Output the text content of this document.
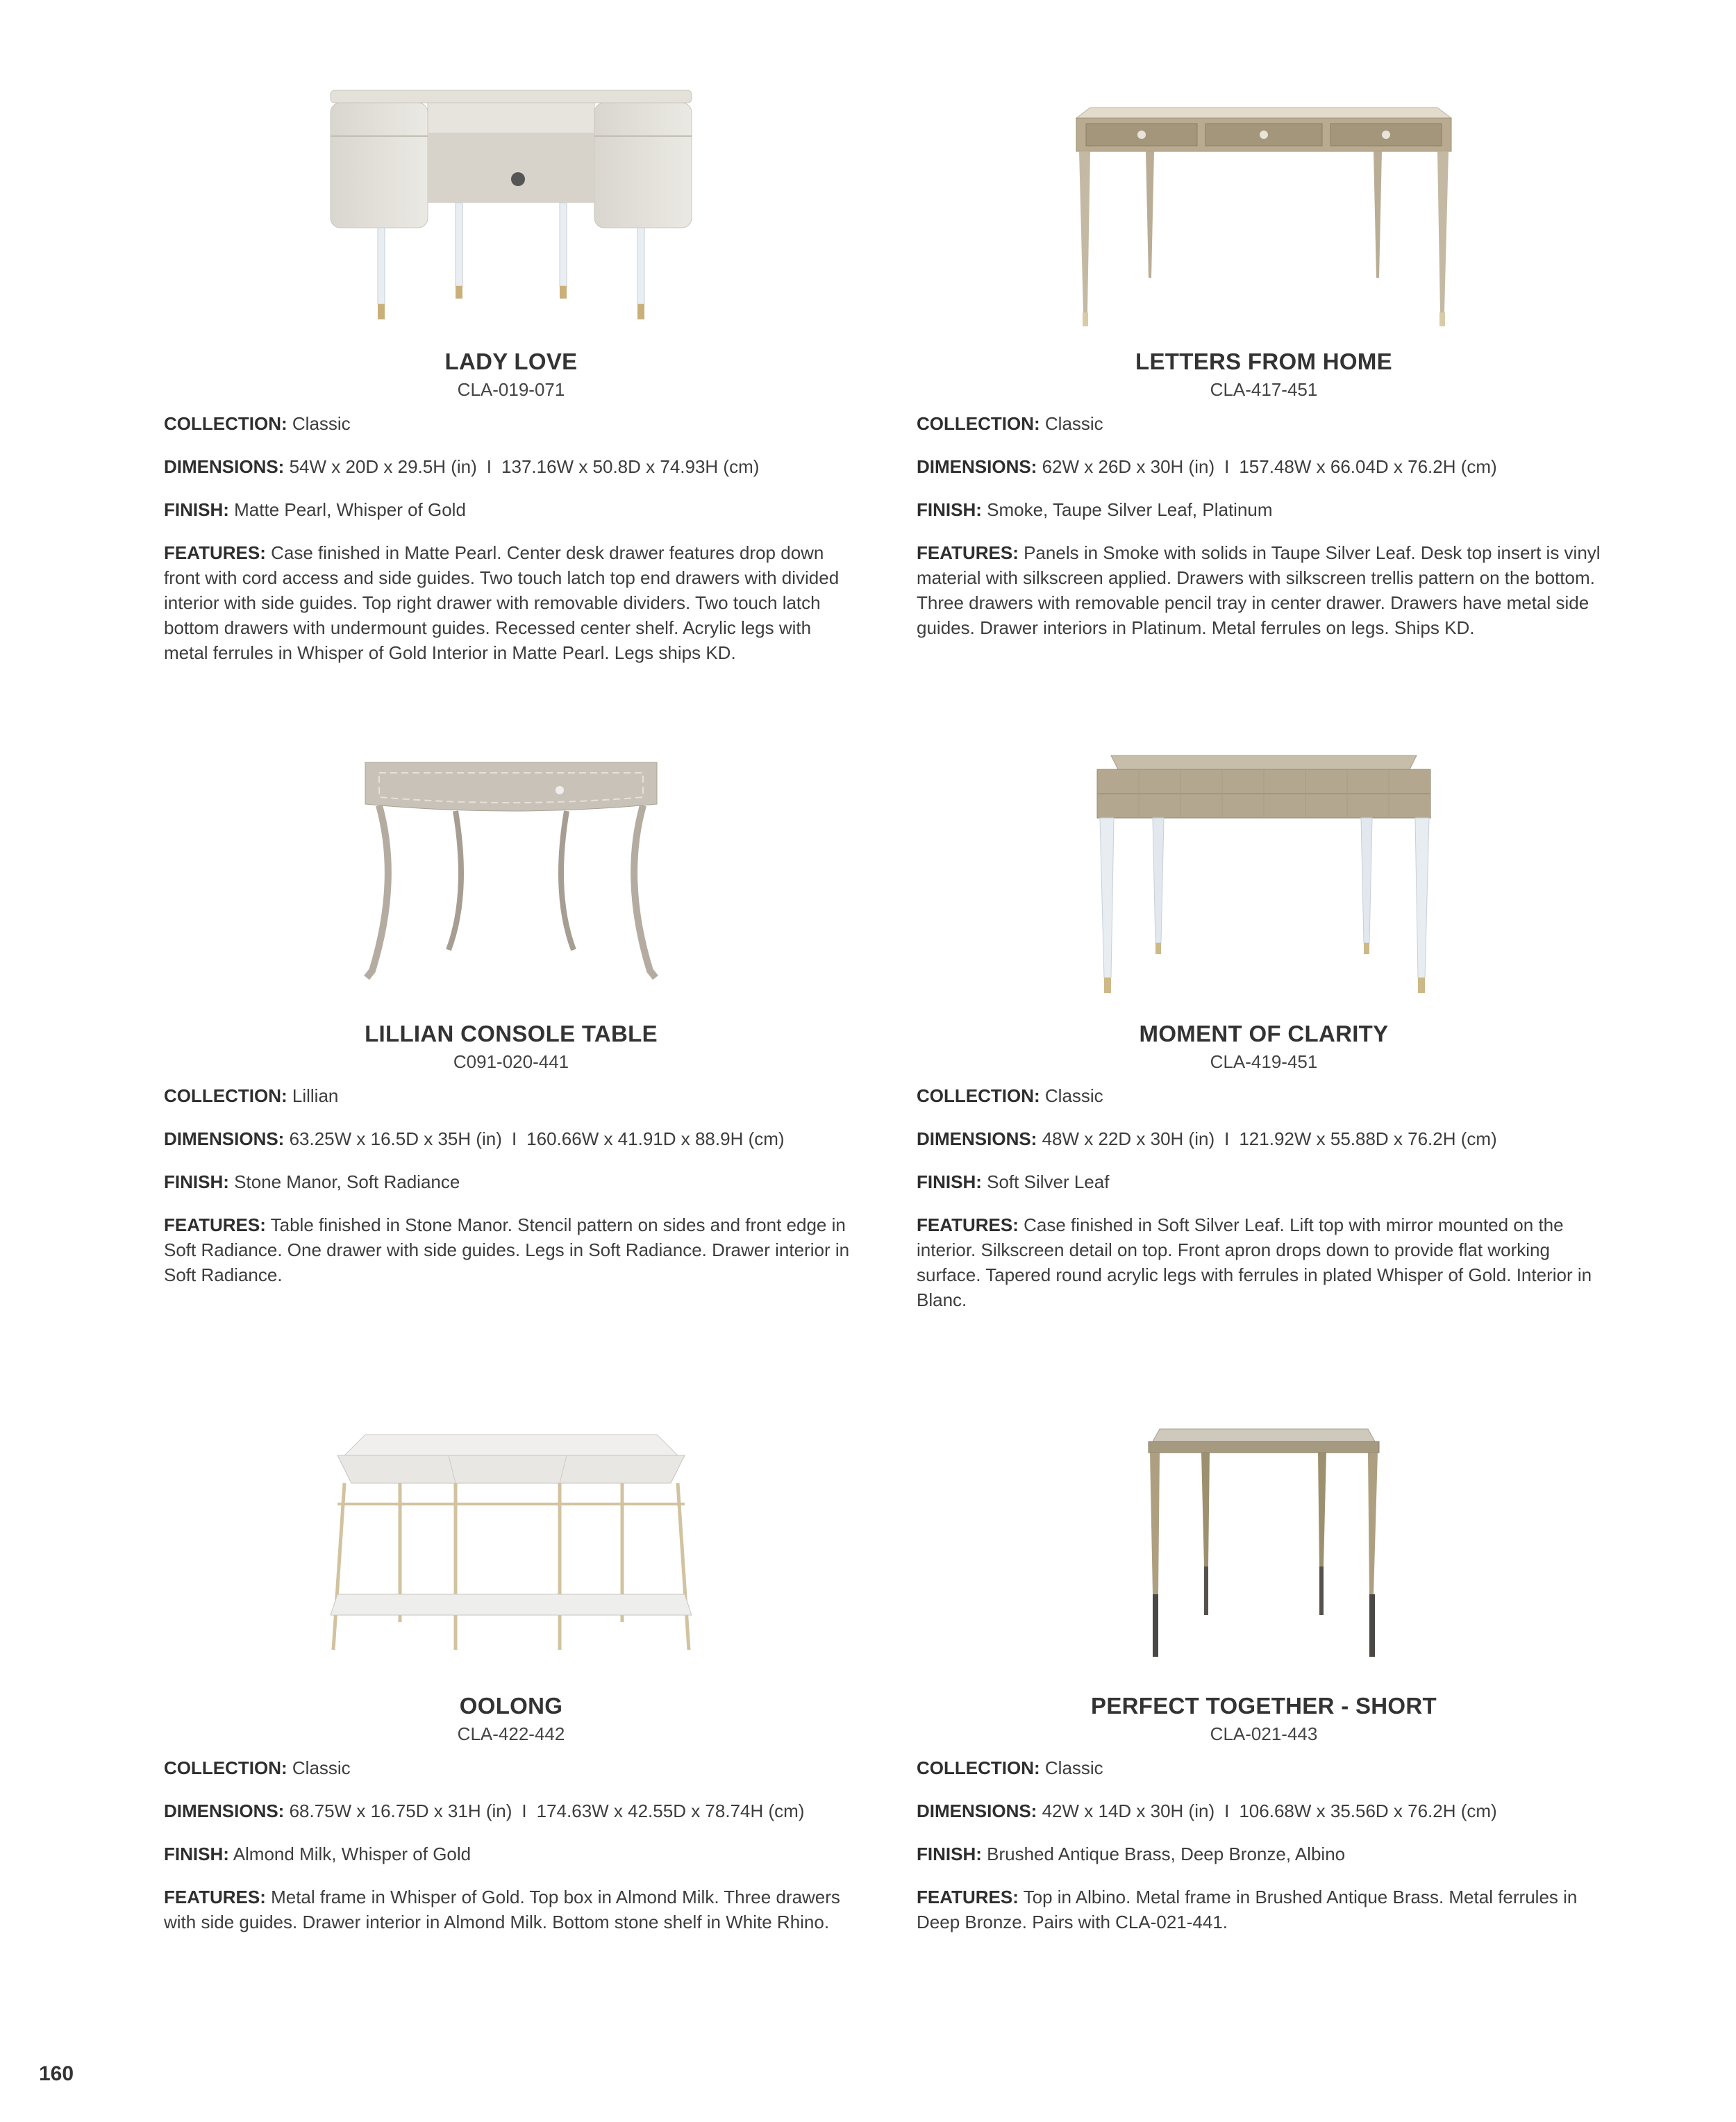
LADY LOVE
CLA-019-071
COLLECTION: Classic
DIMENSIONS: 54W x 20D x 29.5H (in) I 137.16W x 50.8D x 74.93H (cm)
FINISH: Matte Pearl, Whisper of Gold
FEATURES: Case finished in Matte Pearl. Center desk drawer features drop down front with cord access and side guides. Two touch latch top end drawers with divided interior with side guides. Top right drawer with removable dividers. Two touch latch bottom drawers with undermount guides. Recessed center shelf. Acrylic legs with metal ferrules in Whisper of Gold Interior in Matte Pearl. Legs ships KD.
LETTERS FROM HOME
CLA-417-451
COLLECTION: Classic
DIMENSIONS: 62W x 26D x 30H (in) I 157.48W x 66.04D x 76.2H (cm)
FINISH: Smoke, Taupe Silver Leaf, Platinum
FEATURES: Panels in Smoke with solids in Taupe Silver Leaf. Desk top insert is vinyl material with silkscreen applied. Drawers with silkscreen trellis pattern on the bottom. Three drawers with removable pencil tray in center drawer. Drawers have metal side guides. Drawer interiors in Platinum. Metal ferrules on legs. Ships KD.
LILLIAN CONSOLE TABLE
C091-020-441
COLLECTION: Lillian
DIMENSIONS: 63.25W x 16.5D x 35H (in) I 160.66W x 41.91D x 88.9H (cm)
FINISH: Stone Manor, Soft Radiance
FEATURES: Table finished in Stone Manor. Stencil pattern on sides and front edge in Soft Radiance. One drawer with side guides. Legs in Soft Radiance. Drawer interior in Soft Radiance.
MOMENT OF CLARITY
CLA-419-451
COLLECTION: Classic
DIMENSIONS: 48W x 22D x 30H (in) I 121.92W x 55.88D x 76.2H (cm)
FINISH: Soft Silver Leaf
FEATURES: Case finished in Soft Silver Leaf. Lift top with mirror mounted on the interior. Silkscreen detail on top. Front apron drops down to provide flat working surface. Tapered round acrylic legs with ferrules in plated Whisper of Gold. Interior in Blanc.
OOLONG
CLA-422-442
COLLECTION: Classic
DIMENSIONS: 68.75W x 16.75D x 31H (in) I 174.63W x 42.55D x 78.74H (cm)
FINISH: Almond Milk, Whisper of Gold
FEATURES: Metal frame in Whisper of Gold. Top box in Almond Milk. Three drawers with side guides. Drawer interior in Almond Milk. Bottom stone shelf in White Rhino.
PERFECT TOGETHER - SHORT
CLA-021-443
COLLECTION: Classic
DIMENSIONS: 42W x 14D x 30H (in) I 106.68W x 35.56D x 76.2H (cm)
FINISH: Brushed Antique Brass, Deep Bronze, Albino
FEATURES: Top in Albino. Metal frame in Brushed Antique Brass. Metal ferrules in Deep Bronze. Pairs with CLA-021-441.
160
